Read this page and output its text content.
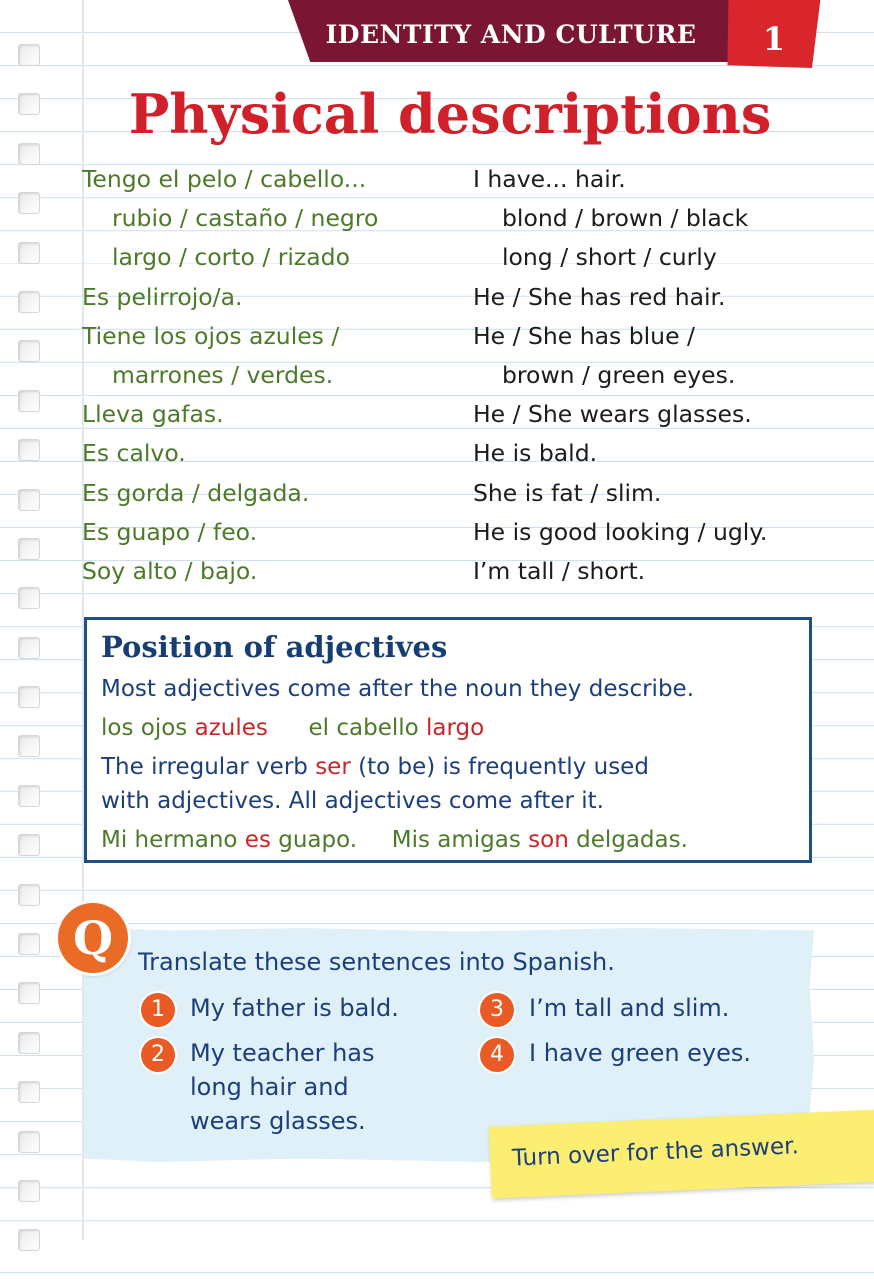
IDENTITY AND CULTURE	1
Physical descriptions
Tengo el pelo / cabello...	I have... hair.
rubio / castaño / negro	blond / brown / black
largo / corto / rizado	long / short / curly
Es pelirrojo/a.	He / She has red hair.
Tiene los ojos azules /	He / She has blue /
marrones / verdes.	brown / green eyes.
Lleva gafas.	He / She wears glasses.
Es calvo.	He is bald.
Es gorda / delgada.	She is fat / slim.
Es guapo / feo.	He is good looking / ugly.
Soy alto / bajo.	I’m tall / short.
Position of adjectives
Most adjectives come after the noun they describe.
los ojos azules el cabello largo
The irregular verb ser (to be) is frequently used
with adjectives. All adjectives come after it.
Mi hermano es guapo. Mis amigas son delgadas.
Q	Translate these sentences into Spanish.
1	My father is bald.
2	My teacher has
long hair and
wears glasses.
3	I’m tall and slim.
4	I have green eyes.
Turn over for the answer.
